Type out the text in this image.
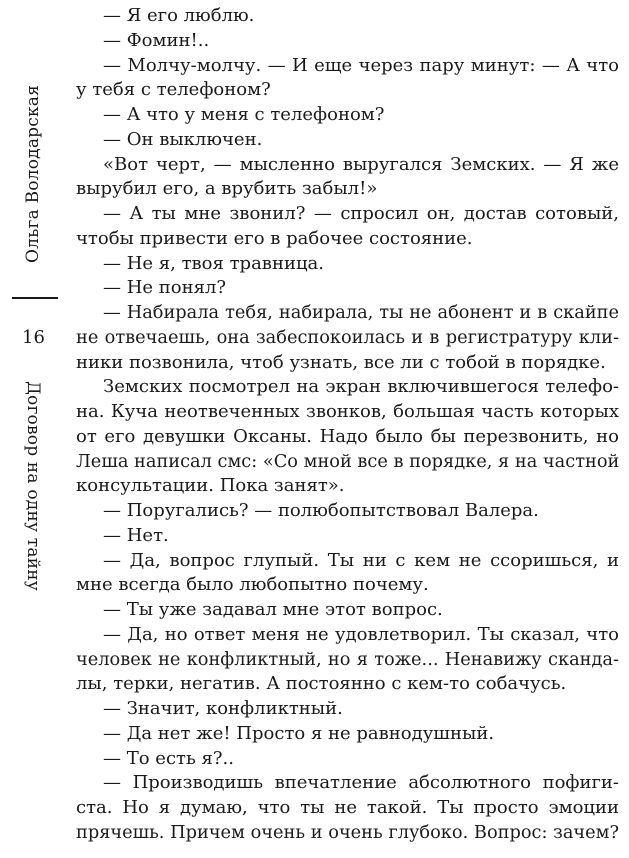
Ольга Володарская
16
Договор на одну тайну
— Я его люблю.
— Фомин!..
— Молчу-молчу. — И еще через пару минут: — А что
у тебя с телефоном?
— А что у меня с телефоном?
— Он выключен.
«Вот черт, — мысленно выругался Земских. — Я же
вырубил его, а врубить забыл!»
— А ты мне звонил? — спросил он, достав сотовый,
чтобы привести его в рабочее состояние.
— Не я, твоя травница.
— Не понял?
— Набирала тебя, набирала, ты не абонент и в скайпе
не отвечаешь, она забеспокоилась и в регистратуру кли-
ники позвонила, чтоб узнать, все ли с тобой в порядке.
Земских посмотрел на экран включившегося телефо-
на. Куча неотвеченных звонков, большая часть которых
от его девушки Оксаны. Надо было бы перезвонить, но
Леша написал смс: «Со мной все в порядке, я на частной
консультации. Пока занят».
— Поругались? — полюбопытствовал Валера.
— Нет.
— Да, вопрос глупый. Ты ни с кем не ссоришься, и
мне всегда было любопытно почему.
— Ты уже задавал мне этот вопрос.
— Да, но ответ меня не удовлетворил. Ты сказал, что
человек не конфликтный, но я тоже... Ненавижу сканда-
лы, терки, негатив. А постоянно с кем-то собачусь.
— Значит, конфликтный.
— Да нет же! Просто я не равнодушный.
— То есть я?..
— Производишь впечатление абсолютного пофиги-
ста. Но я думаю, что ты не такой. Ты просто эмоции
прячешь. Причем очень и очень глубоко. Вопрос: зачем?
